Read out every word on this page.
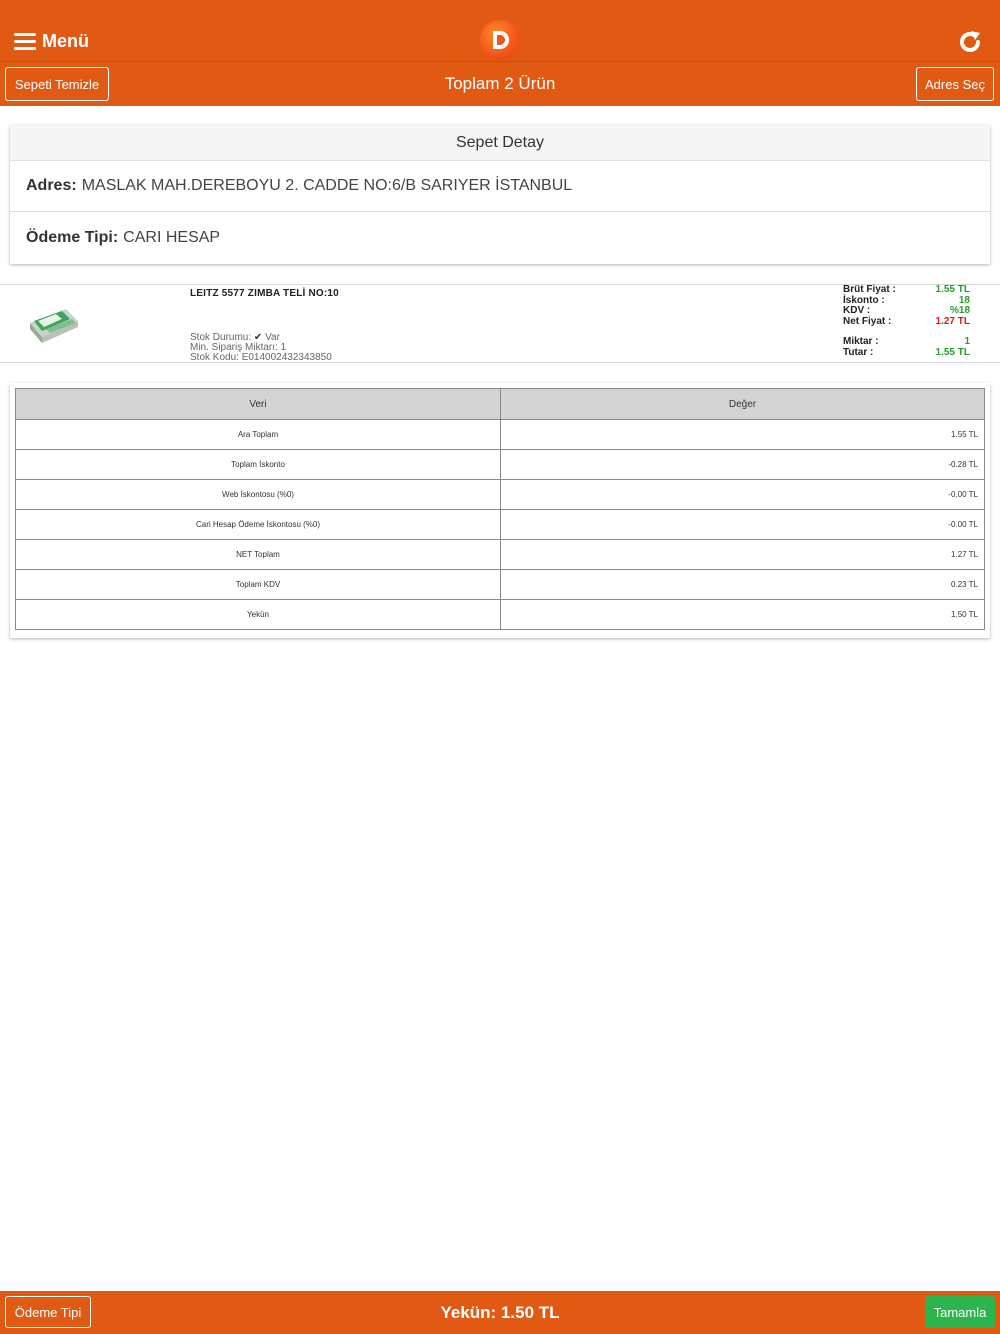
Menü
Sepeti Temizle	Toplam 2 Ürün	Adres Seç
Sepet Detay
Adres: MASLAK MAH.DEREBOYU 2. CADDE NO:6/B SARIYER İSTANBUL
Ödeme Tipi: CARI HESAP
LEITZ 5577 ZIMBA TELİ NO:10
Stok Durumu: ✔ Var
Min. Sipariş Miktarı: 1
Stok Kodu: E014002432343850
Brüt Fiyat :	1.55 TL
İskonto :	18
KDV :	%18
Net Fiyat :	1.27 TL
Miktar :	1
Tutar :	1.55 TL
Veri	Değer
Ara Toplam	1.55 TL
Toplam İskonto	-0.28 TL
Web İskontosu (%0)	-0.00 TL
Cari Hesap Ödeme İskontosu (%0)	-0.00 TL
NET Toplam	1.27 TL
Toplam KDV	0.23 TL
Yekün	1.50 TL
Ödeme Tipi	Yekün: 1.50 TL	Tamamla
